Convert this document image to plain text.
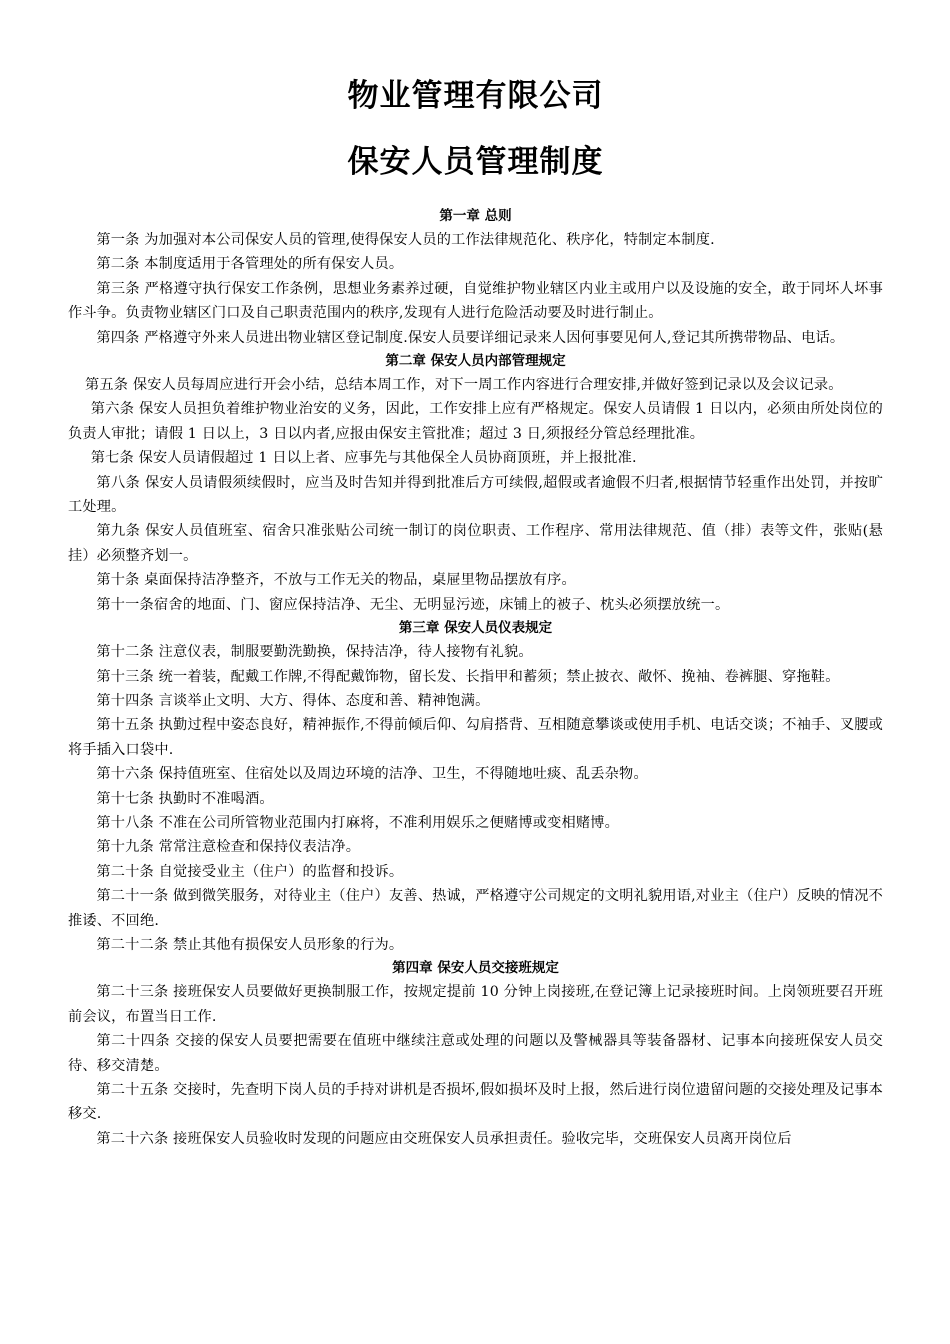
物业管理有限公司
保安人员管理制度
第一章 总则

第一条 为加强对本公司保安人员的管理,使得保安人员的工作法律规范化、秩序化，特制定本制度.

第二条 本制度适用于各管理处的所有保安人员。

第三条 严格遵守执行保安工作条例，思想业务素养过硬，自觉维护物业辖区内业主或用户以及设施的安全，敢于同坏人坏事作斗争。负责物业辖区门口及自己职责范围内的秩序,发现有人进行危险活动要及时进行制止。

第四条 严格遵守外来人员进出物业辖区登记制度.保安人员要详细记录来人因何事要见何人,登记其所携带物品、电话。

第二章 保安人员内部管理规定

第五条 保安人员每周应进行开会小结，总结本周工作，对下一周工作内容进行合理安排,并做好签到记录以及会议记录。

第六条 保安人员担负着维护物业治安的义务，因此，工作安排上应有严格规定。保安人员请假 1 日以内，必须由所处岗位的负责人审批；请假 1 日以上，3 日以内者,应报由保安主管批准；超过 3 日,须报经分管总经理批准。

第七条 保安人员请假超过 1 日以上者、应事先与其他保全人员协商顶班，并上报批准.

第八条 保安人员请假须续假时，应当及时告知并得到批准后方可续假,超假或者逾假不归者,根据情节轻重作出处罚，并按旷工处理。

第九条 保安人员值班室、宿舍只准张贴公司统一制订的岗位职责、工作程序、常用法律规范、值（排）表等文件，张贴(悬挂）必须整齐划一。

第十条 桌面保持洁净整齐，不放与工作无关的物品，桌屉里物品摆放有序。

第十一条宿舍的地面、门、窗应保持洁净、无尘、无明显污迹，床铺上的被子、枕头必须摆放统一。

第三章 保安人员仪表规定

第十二条 注意仪表，制服要勤洗勤换，保持洁净，待人接物有礼貌。

第十三条 统一着装，配戴工作牌,不得配戴饰物，留长发、长指甲和蓄须；禁止披衣、敞怀、挽袖、卷裤腿、穿拖鞋。

第十四条 言谈举止文明、大方、得体、态度和善、精神饱满。

第十五条 执勤过程中姿态良好，精神振作,不得前倾后仰、勾肩搭背、互相随意攀谈或使用手机、电话交谈；不袖手、叉腰或将手插入口袋中.

第十六条 保持值班室、住宿处以及周边环境的洁净、卫生，不得随地吐痰、乱丢杂物。

第十七条 执勤时不准喝酒。

第十八条 不准在公司所管物业范围内打麻将，不准利用娱乐之便赌博或变相赌博。

第十九条 常常注意检查和保持仪表洁净。

第二十条 自觉接受业主（住户）的监督和投诉。

第二十一条 做到微笑服务，对待业主（住户）友善、热诚，严格遵守公司规定的文明礼貌用语,对业主（住户）反映的情况不推诿、不回绝.

第二十二条 禁止其他有损保安人员形象的行为。

第四章 保安人员交接班规定

第二十三条 接班保安人员要做好更换制服工作，按规定提前 10 分钟上岗接班,在登记簿上记录接班时间。上岗领班要召开班前会议，布置当日工作.

第二十四条 交接的保安人员要把需要在值班中继续注意或处理的问题以及警械器具等装备器材、记事本向接班保安人员交待、移交清楚。

第二十五条 交接时，先查明下岗人员的手持对讲机是否损坏,假如损坏及时上报，然后进行岗位遗留问题的交接处理及记事本移交.

第二十六条 接班保安人员验收时发现的问题应由交班保安人员承担责任。验收完毕，交班保安人员离开岗位后
